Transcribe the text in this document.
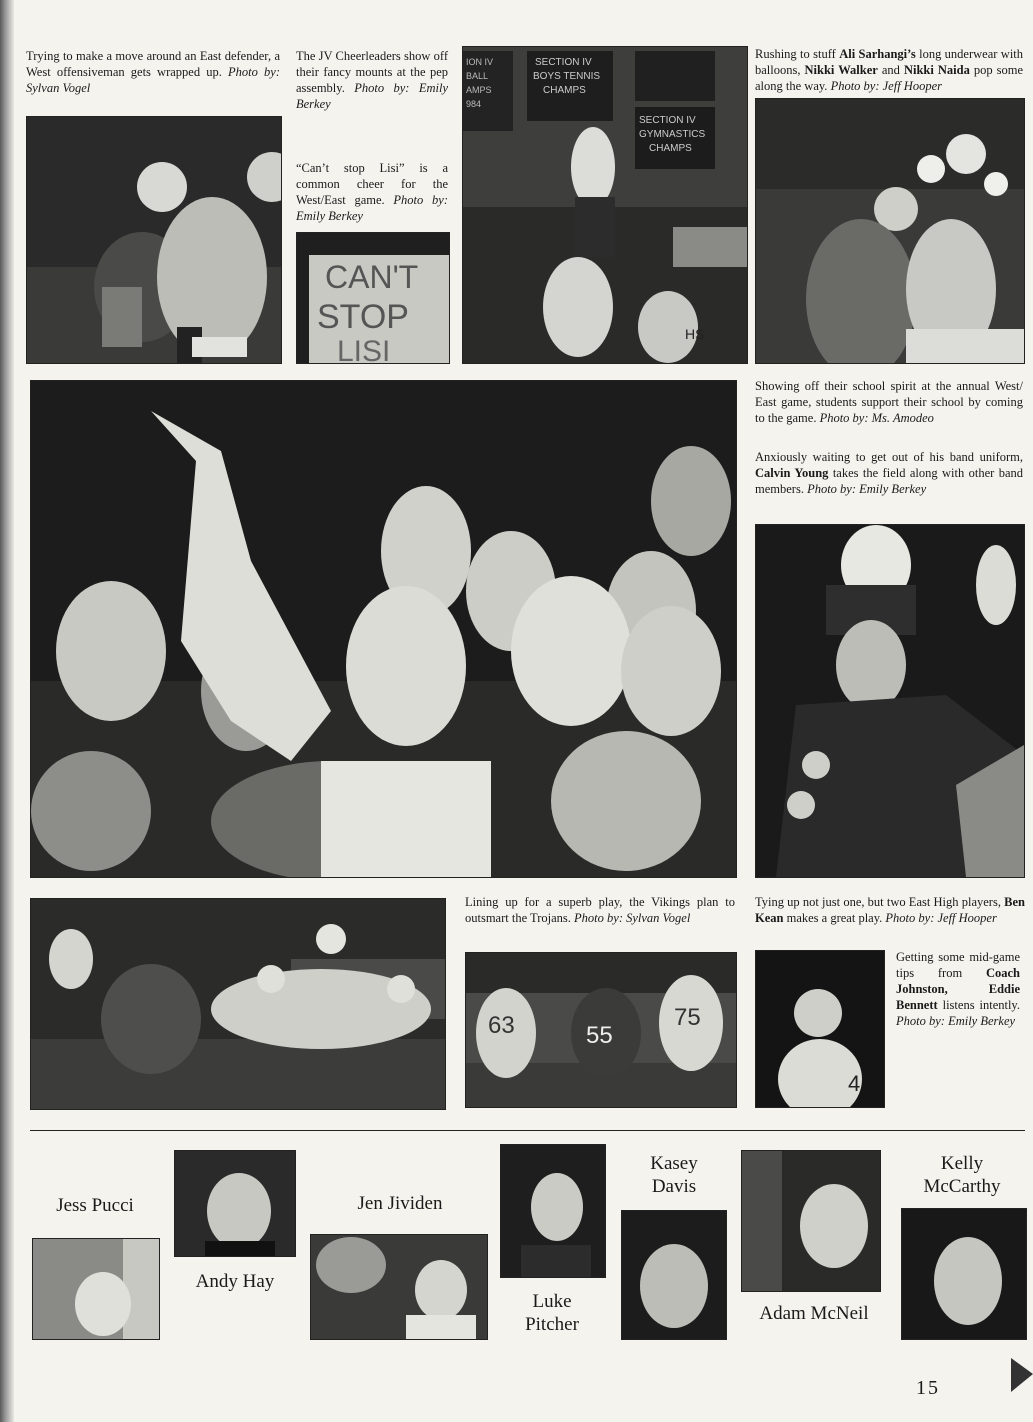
Trying to make a move around an East defender, a West offensiveman gets wrapped up. Photo by: Sylvan Vogel
The JV Cheerleaders show off their fancy mounts at the pep assembly. Photo by: Emily Berkey
“Can’t stop Lisi” is a common cheer for the West/East game. Photo by: Emily Berkey
CAN'T
STOP
LISI
ION IV
BALL
AMPS
984
SECTION IV
BOYS TENNIS
CHAMPS
SECTION IV
GYMNASTICS
CHAMPS
HS
Rushing to stuff Ali Sarhangi’s long underwear with balloons, Nikki Walker and Nikki Naida pop some along the way. Photo by: Jeff Hooper
Showing off their school spirit at the annual West/ East game, students support their school by coming to the game. Photo by: Ms. Amodeo
Anxiously waiting to get out of his band uniform, Calvin Young takes the field along with other band members. Photo by: Emily Berkey
Lining up for a superb play, the Vikings plan to outsmart the Trojans. Photo by: Sylvan Vogel
63	55
75
Tying up not just one, but two East High players, Ben Kean makes a great play. Photo by: Jeff Hooper
4
Getting some mid-game tips from Coach Johnston,	Eddie Bennett listens intently. Photo by: Emily Berkey
Jess Pucci
Andy Hay
Jen Jividen
Luke
Pitcher
Kasey
Davis
Adam McNeil
Kelly
McCarthy
15
